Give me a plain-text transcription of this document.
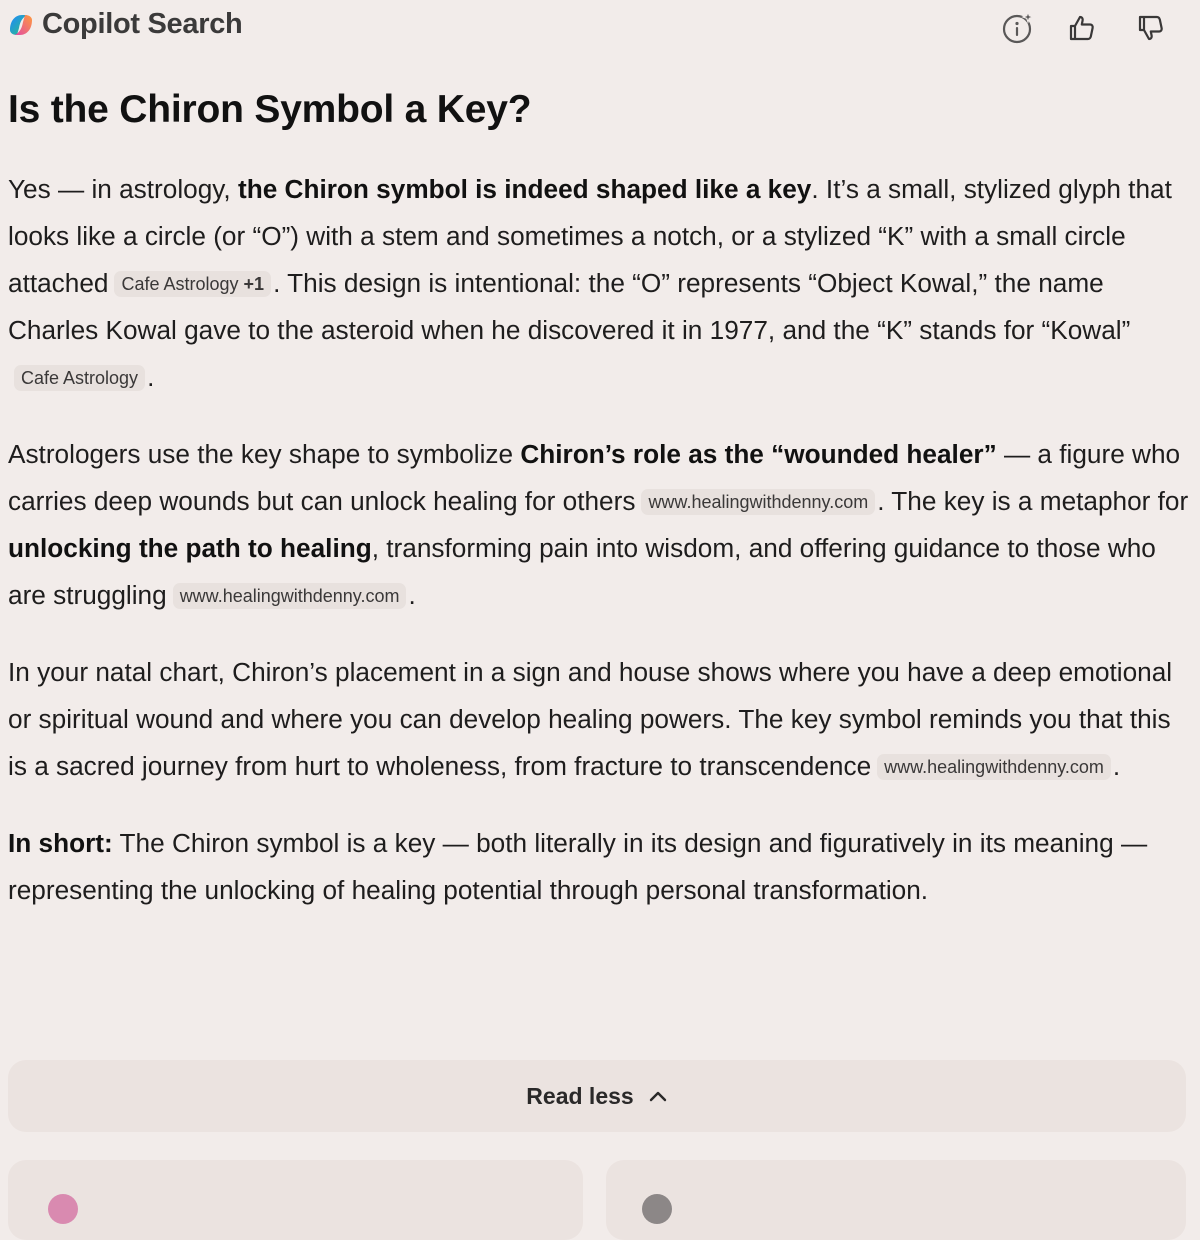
Copilot Search
Is the Chiron Symbol a Key?

Yes — in astrology, the Chiron symbol is indeed shaped like a key. It’s a small, stylized glyph that looks like a circle (or “O”) with a stem and sometimes a notch, or a stylized “K” with a small circle attached Cafe Astrology +1 . This design is intentional: the “O” represents “Object Kowal,” the name Charles Kowal gave to the asteroid when he discovered it in 1977, and the “K” stands for “Kowal”Cafe Astrology .

Astrologers use the key shape to symbolize Chiron’s role as the “wounded healer” — a figure who carries deep wounds but can unlock healing for others www.healingwithdenny.com . The key is a metaphor for unlocking the path to healing, transforming pain into wisdom, and offering guidance to those who are struggling www.healingwithdenny.com .

In your natal chart, Chiron’s placement in a sign and house shows where you have a deep emotional or spiritual wound and where you can develop healing powers. The key symbol reminds you that this is a sacred journey from hurt to wholeness, from fracture to transcendence www.healingwithdenny.com .

In short: The Chiron symbol is a key — both literally in its design and figuratively in its meaning — representing the unlocking of healing potential through personal transformation.

Read less
